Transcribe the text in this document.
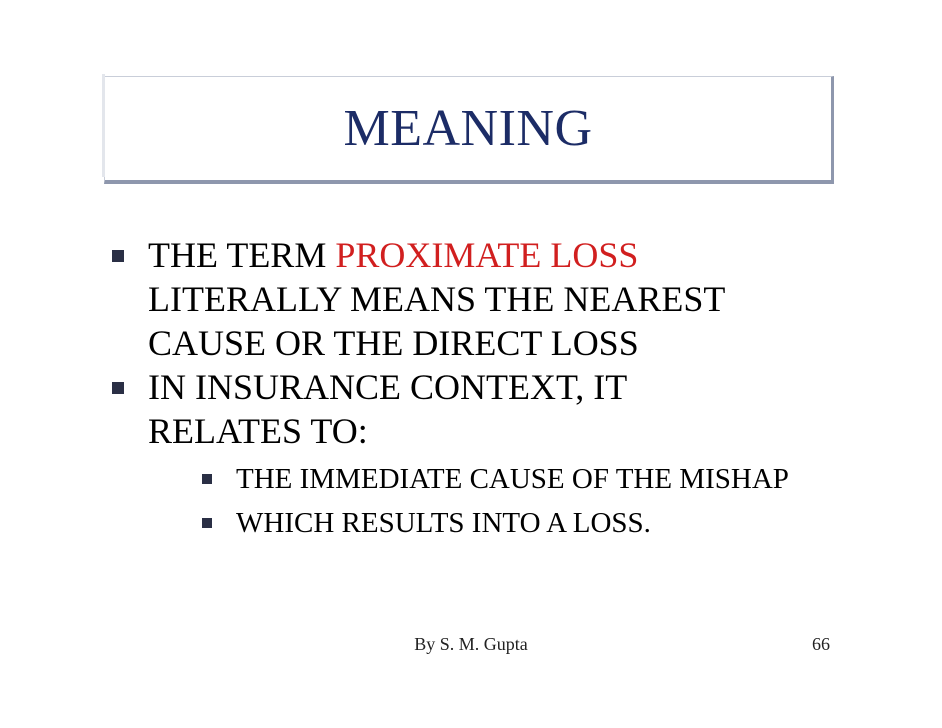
MEANING
THE TERM PROXIMATE LOSS
LITERALLY MEANS THE NEAREST CAUSE OR THE DIRECT LOSS
IN INSURANCE CONTEXT, IT RELATES TO:
THE IMMEDIATE CAUSE OF THE MISHAP
WHICH RESULTS INTO A LOSS.
By S. M. Gupta	66
